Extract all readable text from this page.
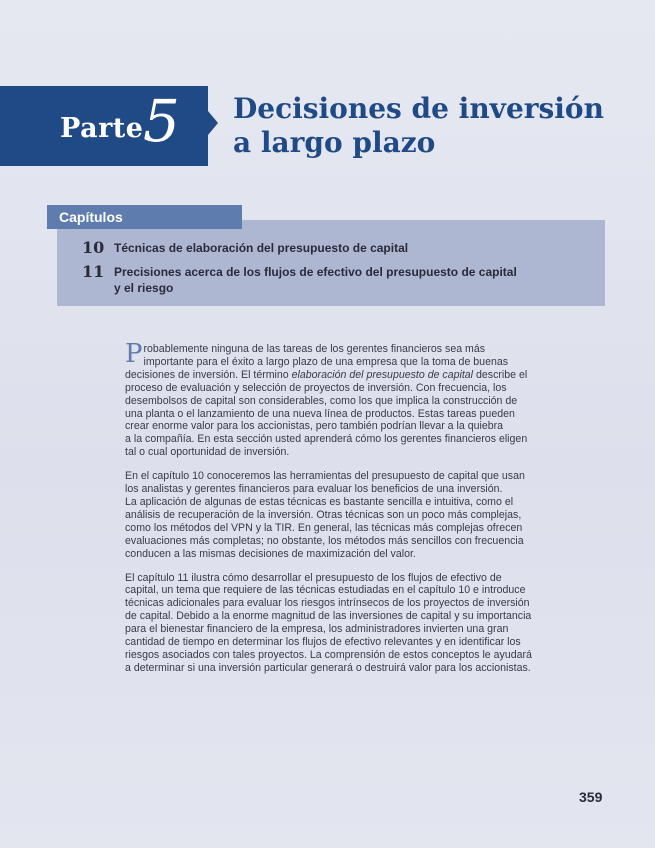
Parte 5 Decisiones de inversión
a largo plazo
Capítulos
10 Técnicas de elaboración del presupuesto de capital
11 Precisiones acerca de los flujos de efectivo del presupuesto de capital
y el riesgo

P robablemente ninguna de las tareas de los gerentes financieros sea más
importante para el éxito a largo plazo de una empresa que la toma de buenas
decisiones de inversión. El término elaboración del presupuesto de capital describe el
proceso de evaluación y selección de proyectos de inversión. Con frecuencia, los
desembolsos de capital son considerables, como los que implica la construcción de
una planta o el lanzamiento de una nueva línea de productos. Estas tareas pueden
crear enorme valor para los accionistas, pero también podrían llevar a la quiebra
a la compañía. En esta sección usted aprenderá cómo los gerentes financieros eligen
tal o cual oportunidad de inversión.

En el capítulo 10 conoceremos las herramientas del presupuesto de capital que usan
los analistas y gerentes financieros para evaluar los beneficios de una inversión.
La aplicación de algunas de estas técnicas es bastante sencilla e intuitiva, como el
análisis de recuperación de la inversión. Otras técnicas son un poco más complejas,
como los métodos del VPN y la TIR. En general, las técnicas más complejas ofrecen
evaluaciones más completas; no obstante, los métodos más sencillos con frecuencia
conducen a las mismas decisiones de maximización del valor.

El capítulo 11 ilustra cómo desarrollar el presupuesto de los flujos de efectivo de
capital, un tema que requiere de las técnicas estudiadas en el capítulo 10 e introduce
técnicas adicionales para evaluar los riesgos intrínsecos de los proyectos de inversión
de capital. Debido a la enorme magnitud de las inversiones de capital y su importancia
para el bienestar financiero de la empresa, los administradores invierten una gran
cantidad de tiempo en determinar los flujos de efectivo relevantes y en identificar los
riesgos asociados con tales proyectos. La comprensión de estos conceptos le ayudará
a determinar si una inversión particular generará o destruirá valor para los accionistas.

359
